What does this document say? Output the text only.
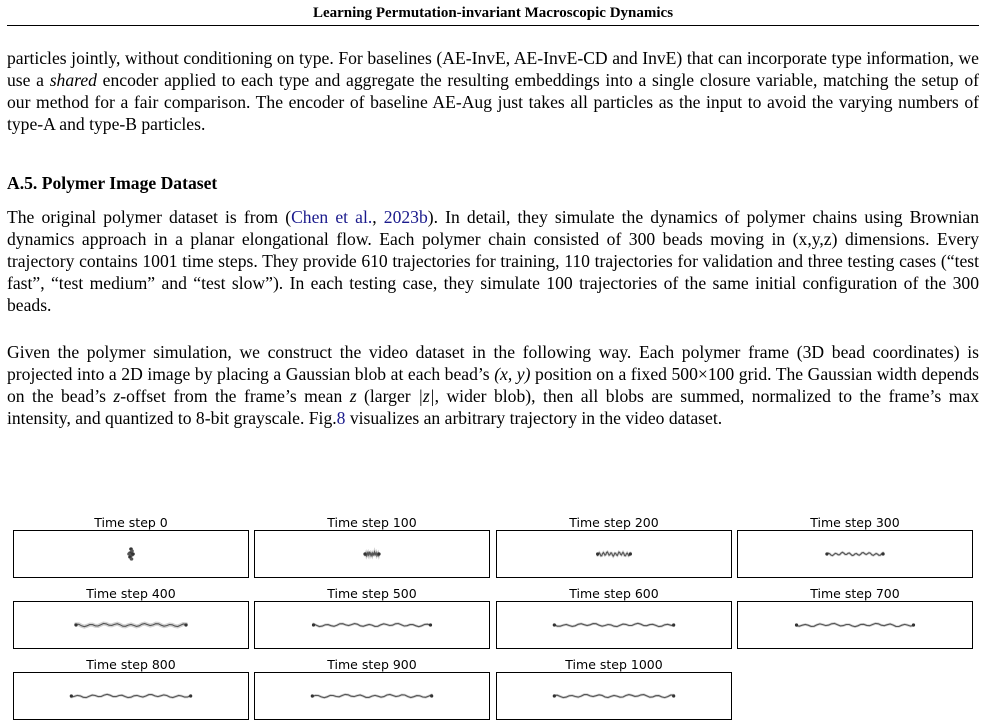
Learning Permutation-invariant Macroscopic Dynamics

particles jointly, without conditioning on type. For baselines (AE-InvE, AE-InvE-CD and InvE) that can incorporate type information, we use a shared encoder applied to each type and aggregate the resulting embeddings into a single closure variable, matching the setup of our method for a fair comparison. The encoder of baseline AE-Aug just takes all particles as the input to avoid the varying numbers of type-A and type-B particles.

A.5. Polymer Image Dataset

The original polymer dataset is from (Chen et al., 2023b). In detail, they simulate the dynamics of polymer chains using Brownian dynamics approach in a planar elongational flow. Each polymer chain consisted of 300 beads moving in (x,y,z) dimensions. Every trajectory contains 1001 time steps. They provide 610 trajectories for training, 110 trajectories for validation and three testing cases (“test fast”, “test medium” and “test slow”). In each testing case, they simulate 100 trajectories of the same initial configuration of the 300 beads.

Given the polymer simulation, we construct the video dataset in the following way. Each polymer frame (3D bead coordinates) is projected into a 2D image by placing a Gaussian blob at each bead’s (x, y) position on a fixed 500×100 grid. The Gaussian width depends on the bead’s z-offset from the frame’s mean z (larger |z|, wider blob), then all blobs are summed, normalized to the frame’s max intensity, and quantized to 8-bit grayscale. Fig.8 visualizes an arbitrary trajectory in the video dataset.

Time step 0	Time step 100	Time step 200	Time step 300
Time step 400	Time step 500	Time step 600	Time step 700
Time step 800	Time step 900	Time step 1000
